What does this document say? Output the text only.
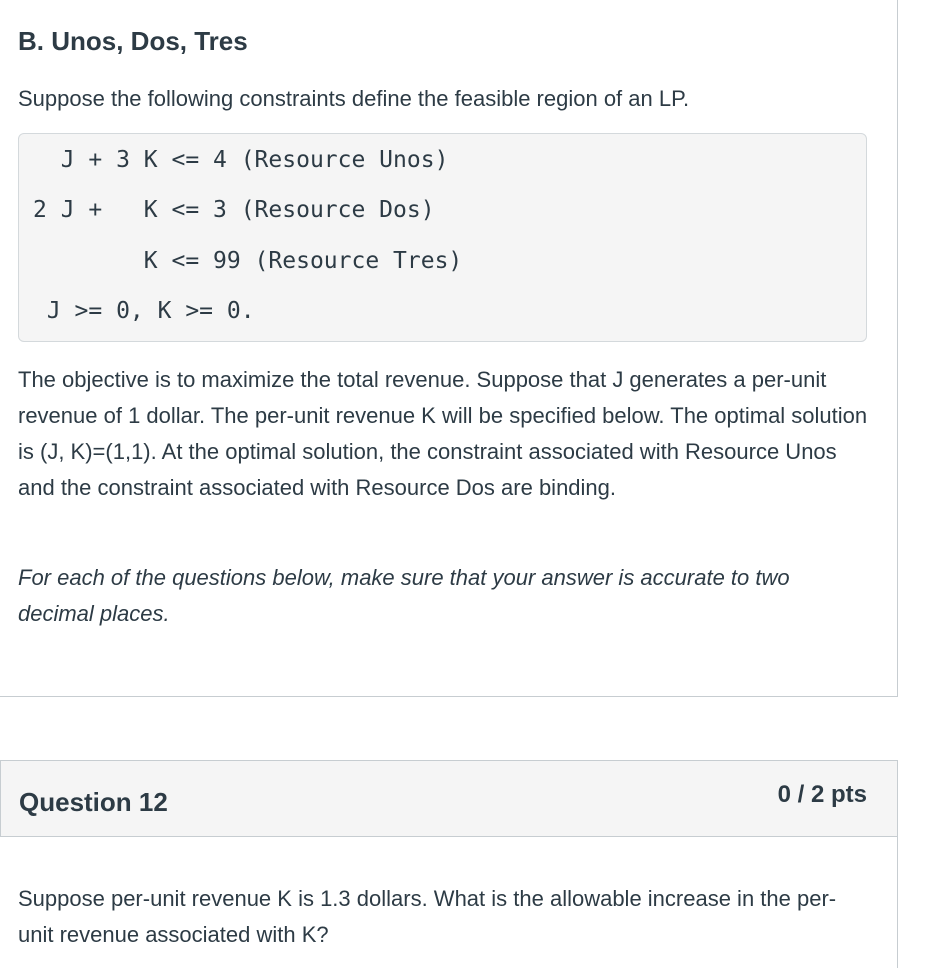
B. Unos, Dos, Tres
Suppose the following constraints define the feasible region of an LP.
J + 3 K <= 4 (Resource Unos)
2 J +   K <= 3 (Resource Dos)
K <= 99 (Resource Tres)
J >= 0, K >= 0.
The objective is to maximize the total revenue. Suppose that J generates a per-unit revenue of 1 dollar. The per-unit revenue K will be specified below. The optimal solution is (J, K)=(1,1). At the optimal solution, the constraint associated with Resource Unos and the constraint associated with Resource Dos are binding.
For each of the questions below, make sure that your answer is accurate to two decimal places.
Question 12	0 / 2 pts
Suppose per-unit revenue K is 1.3 dollars. What is the allowable increase in the per-unit revenue associated with K?
